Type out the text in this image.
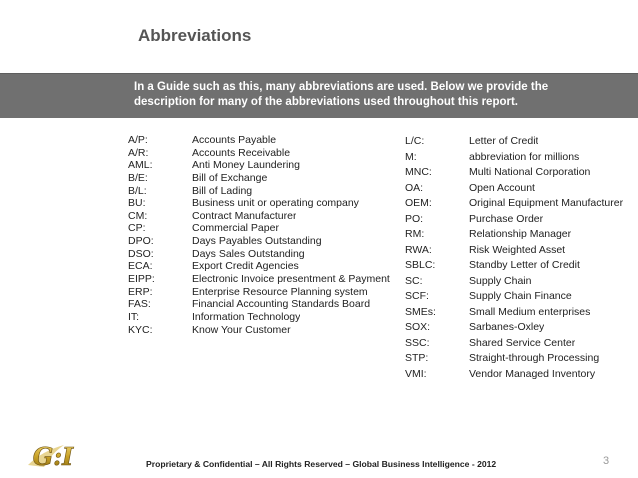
Abbreviations
In a Guide such as this, many abbreviations are used. Below we provide the
description for many of the abbreviations used throughout this report.
A/P:	Accounts Payable
A/R:	Accounts Receivable
AML:	Anti Money Laundering
B/E:	Bill of Exchange
B/L:	Bill of Lading
BU:	Business unit or operating company
CM:	Contract Manufacturer
CP:	Commercial Paper
DPO:	Days Payables Outstanding
DSO:	Days Sales Outstanding
ECA:	Export Credit Agencies
EIPP:	Electronic Invoice presentment & Payment
ERP:	Enterprise Resource Planning system
FAS:	Financial Accounting Standards Board
IT:	Information Technology
KYC:	Know Your Customer
L/C:	Letter of Credit
M:	abbreviation for millions
MNC:	Multi National Corporation
OA:	Open Account
OEM:	Original Equipment Manufacturer
PO:	Purchase Order
RM:	Relationship Manager
RWA:	Risk Weighted Asset
SBLC:	Standby Letter of Credit
SC:	Supply Chain
SCF:	Supply Chain Finance
SMEs:	Small Medium enterprises
SOX:	Sarbanes-Oxley
SSC:	Shared Service Center
STP:	Straight-through Processing
VMI:	Vendor Managed Inventory
G:I	Proprietary & Confidential – All Rights Reserved – Global Business Intelligence - 2012	3
